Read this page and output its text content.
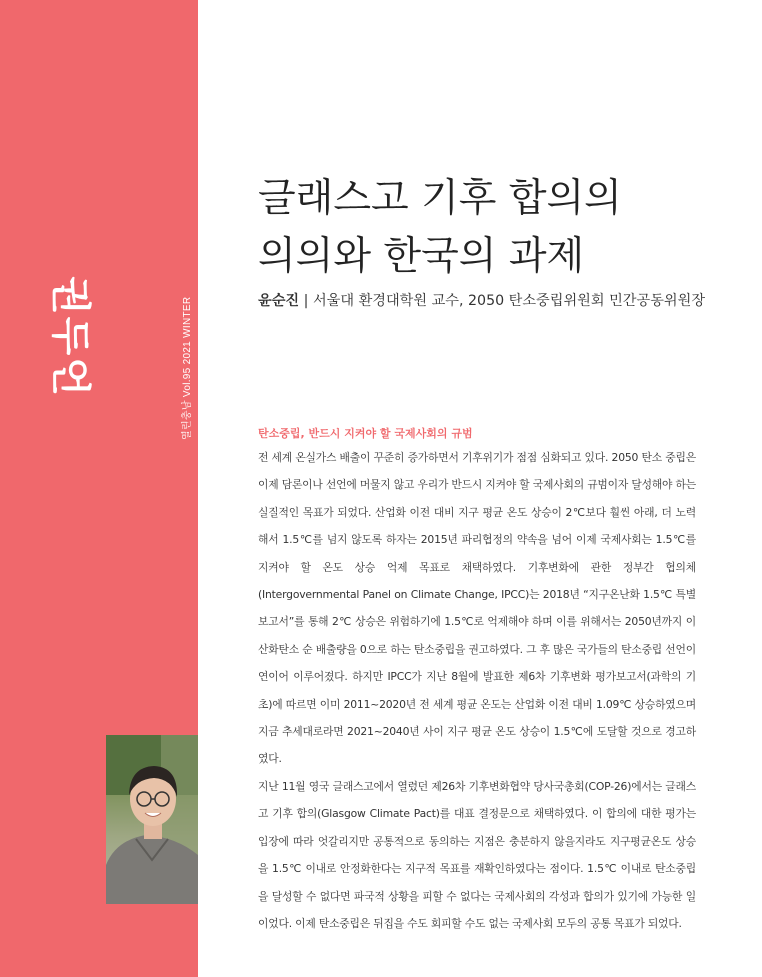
권두언	열린충남 Vol.95 2021 WINTER
글래스고 기후 합의의
의의와 한국의 과제
윤순진 | 서울대 환경대학원 교수, 2050 탄소중립위원회 민간공동위원장
탄소중립, 반드시 지켜야 할 국제사회의 규범

전 세계 온실가스 배출이 꾸준히 증가하면서 기후위기가 점점 심화되고 있다. 2050 탄소 중립은 이제 담론이나 선언에 머물지 않고 우리가 반드시 지켜야 할 국제사회의 규범이자 달성해야 하는 실질적인 목표가 되었다. 산업화 이전 대비 지구 평균 온도 상승이 2℃보다 훨씬 아래, 더 노력해서 1.5℃를 넘지 않도록 하자는 2015년 파리협정의 약속을 넘어 이제 국제사회는 1.5℃를 지켜야 할 온도 상승 억제 목표로 채택하였다. 기후변화에 관한 정부간 협의체(Intergovernmental Panel on Climate Change, IPCC)는 2018년 “지구온난화 1.5℃ 특별보고서”를 통해 2℃ 상승은 위험하기에 1.5℃로 억제해야 하며 이를 위해서는 2050년까지 이산화탄소 순 배출량을 0으로 하는 탄소중립을 권고하였다. 그 후 많은 국가들의 탄소중립 선언이 연이어 이루어졌다. 하지만 IPCC가 지난 8월에 발표한 제6차 기후변화 평가보고서(과학의 기초)에 따르면 이미 2011~2020년 전 세계 평균 온도는 산업화 이전 대비 1.09℃ 상승하였으며 지금 추세대로라면 2021~2040년 사이 지구 평균 온도 상승이 1.5℃에 도달할 것으로 경고하였다.

지난 11월 영국 글래스고에서 열렸던 제26차 기후변화협약 당사국총회(COP-26)에서는 글래스고 기후 합의(Glasgow Climate Pact)를 대표 결정문으로 채택하였다. 이 합의에 대한 평가는 입장에 따라 엇갈리지만 공통적으로 동의하는 지점은 충분하지 않을지라도 지구평균온도 상승을 1.5℃ 이내로 안정화한다는 지구적 목표를 재확인하였다는 점이다. 1.5℃ 이내로 탄소중립을 달성할 수 없다면 파국적 상황을 피할 수 없다는 국제사회의 각성과 합의가 있기에 가능한 일이었다. 이제 탄소중립은 뒤집을 수도 회피할 수도 없는 국제사회 모두의 공통 목표가 되었다.
